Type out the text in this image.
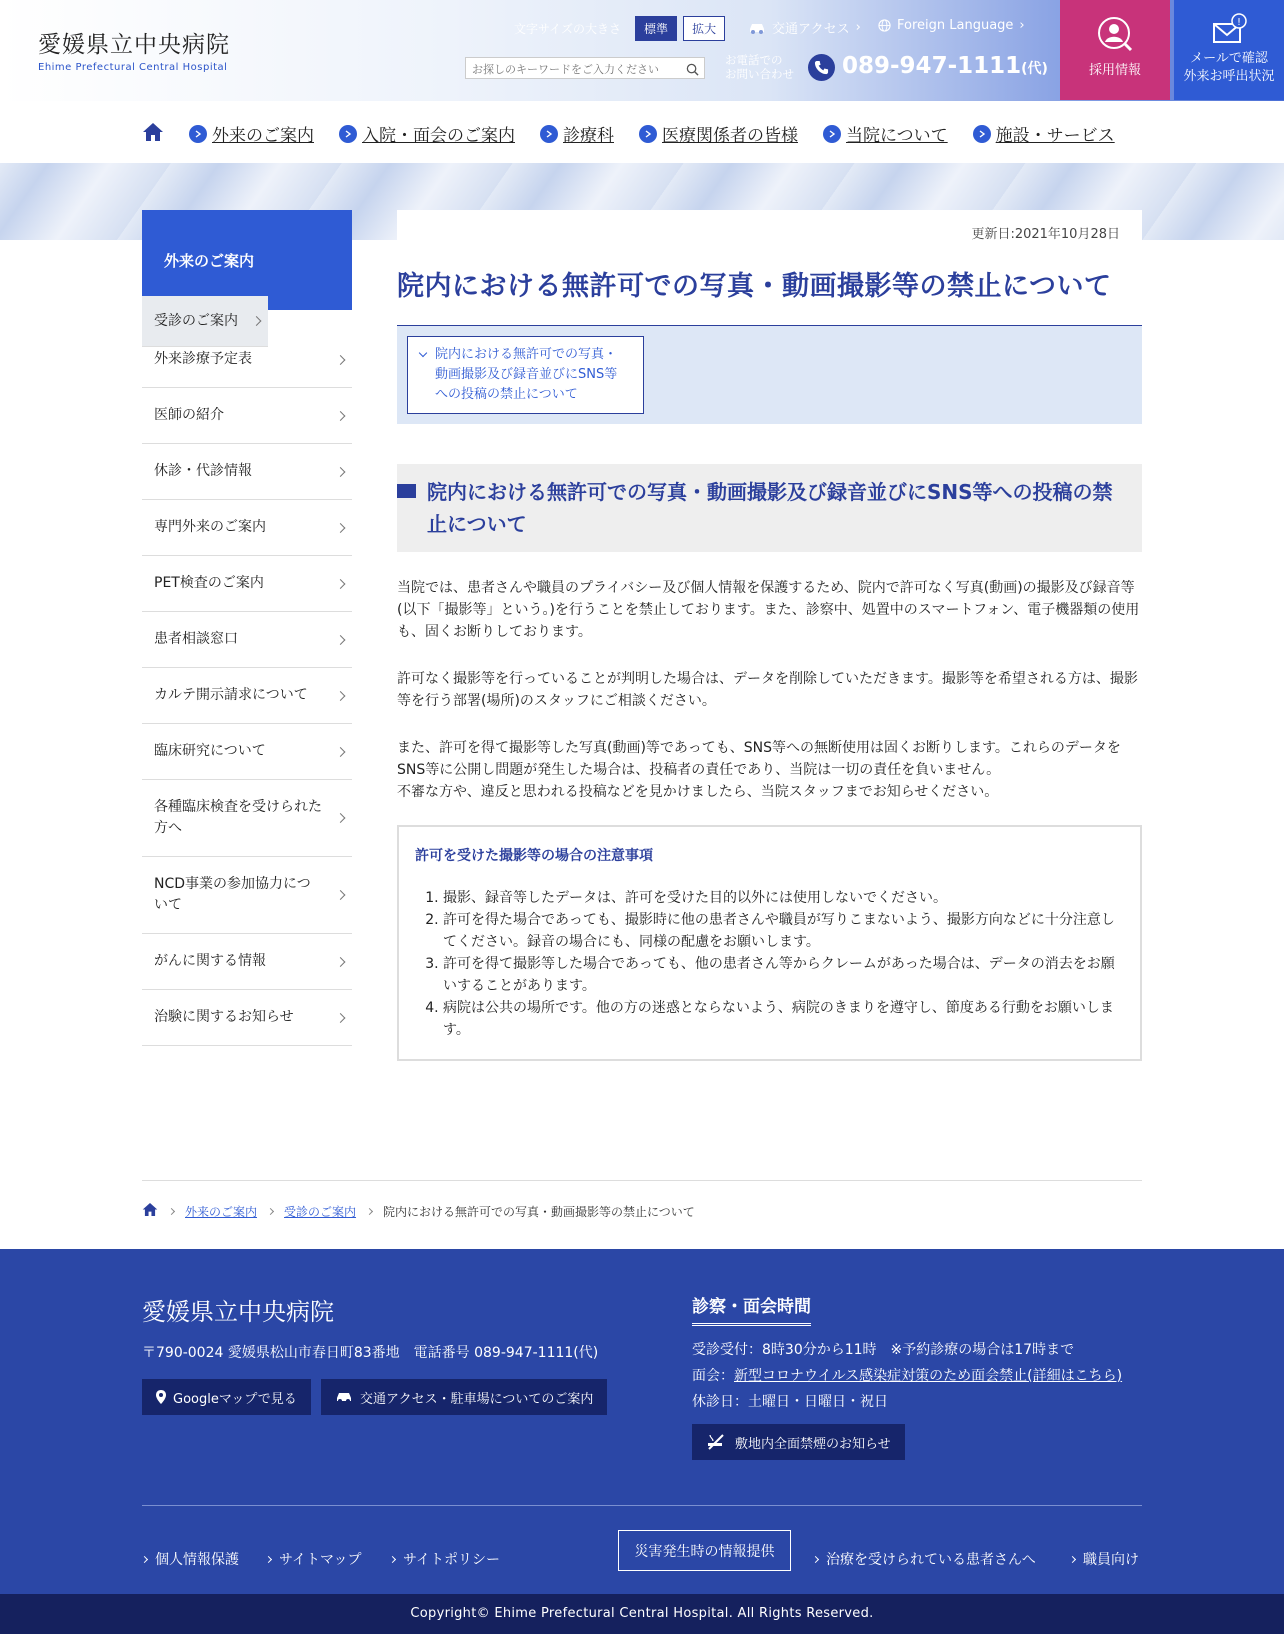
愛媛県立中央病院
Ehime Prefectural Central Hospital
文字サイズの大きさ	標準	拡大	交通アクセス ›	Foreign Language ›
お探しのキーワードをご入力ください
お電話での
お問い合わせ 089-947-1111(代)	採用情報
!
メールで確認
外来お呼出状況
外来のご案内	入院・面会のご案内	診療科	医療関係者の皆様	当院について	施設・サービス
外来のご案内
受診のご案内
外来診療予定表
医師の紹介
休診・代診情報
専門外来のご案内
PET検査のご案内
患者相談窓口
カルテ開示請求について
臨床研究について
各種臨床検査を受けられた方へ
NCD事業の参加協力について
がんに関する情報
治験に関するお知らせ
更新日:2021年10月28日
院内における無許可での写真・動画撮影等の禁止について
院内における無許可での写真・動画撮影及び録音並びにSNS等への投稿の禁止について
院内における無許可での写真・動画撮影及び録音並びにSNS等への投稿の禁止について

当院では、患者さんや職員のプライバシー及び個人情報を保護するため、院内で許可なく写真(動画)の撮影及び録音等(以下「撮影等」という。)を行うことを禁止しております。また、診察中、処置中のスマートフォン、電子機器類の使用も、固くお断りしております。

許可なく撮影等を行っていることが判明した場合は、データを削除していただきます。撮影等を希望される方は、撮影等を行う部署(場所)のスタッフにご相談ください。

また、許可を得て撮影等した写真(動画)等であっても、SNS等への無断使用は固くお断りします。これらのデータをSNS等に公開し問題が発生した場合は、投稿者の責任であり、当院は一切の責任を負いません。
不審な方や、違反と思われる投稿などを見かけましたら、当院スタッフまでお知らせください。
許可を受けた撮影等の場合の注意事項
1. 撮影、録音等したデータは、許可を受けた目的以外には使用しないでください。
2. 許可を得た場合であっても、撮影時に他の患者さんや職員が写りこまないよう、撮影方向などに十分注意してください。録音の場合にも、同様の配慮をお願いします。
3. 許可を得て撮影等した場合であっても、他の患者さん等からクレームがあった場合は、データの消去をお願いすることがあります。
4. 病院は公共の場所です。他の方の迷惑とならないよう、病院のきまりを遵守し、節度ある行動をお願いします。
外来のご案内 受診のご案内 院内における無許可での写真・動画撮影等の禁止について
愛媛県立中央病院
〒790-0024 愛媛県松山市春日町83番地　電話番号 089-947-1111(代)
Googleマップで見る	交通アクセス・駐車場についてのご案内
診察・面会時間
受診受付：8時30分から11時　※予約診療の場合は17時まで
面会：新型コロナウイルス感染症対策のため面会禁止(詳細はこちら)
休診日：土曜日・日曜日・祝日
敷地内全面禁煙のお知らせ
個人情報保護	サイトマップ	サイトポリシー
災害発生時の情報提供
治療を受けられている患者さんへ	職員向け
Copyright© Ehime Prefectural Central Hospital. All Rights Reserved.
